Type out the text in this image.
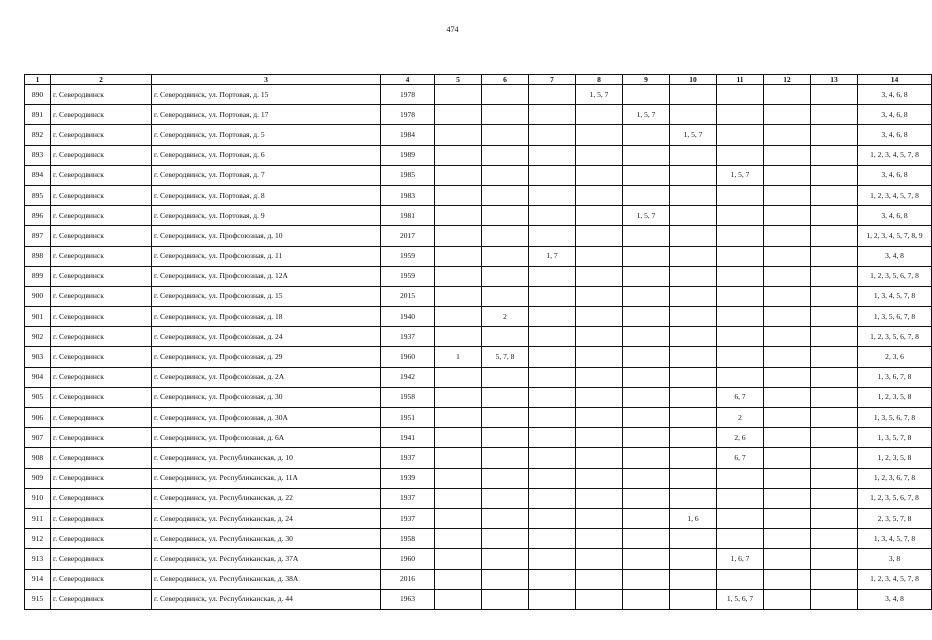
474
1	2	3	4	5	6	7	8	9	10	11	12	13	14
890	г. Северодвинск	г. Северодвинск, ул. Портовая, д. 15	1978				1, 5, 7						3, 4, 6, 8
891	г. Северодвинск	г. Северодвинск, ул. Портовая, д. 17	1978					1, 5, 7					3, 4, 6, 8
892	г. Северодвинск	г. Северодвинск, ул. Портовая, д. 5	1984						1, 5, 7				3, 4, 6, 8
893	г. Северодвинск	г. Северодвинск, ул. Портовая, д. 6	1989										1, 2, 3, 4, 5, 7, 8
894	г. Северодвинск	г. Северодвинск, ул. Портовая, д. 7	1985							1, 5, 7			3, 4, 6, 8
895	г. Северодвинск	г. Северодвинск, ул. Портовая, д. 8	1983										1, 2, 3, 4, 5, 7, 8
896	г. Северодвинск	г. Северодвинск, ул. Портовая, д. 9	1981					1, 5, 7					3, 4, 6, 8
897	г. Северодвинск	г. Северодвинск, ул. Профсоюзная, д. 10	2017										1, 2, 3, 4, 5, 7, 8, 9
898	г. Северодвинск	г. Северодвинск, ул. Профсоюзная, д. 11	1959			1, 7							3, 4, 8
899	г. Северодвинск	г. Северодвинск, ул. Профсоюзная, д. 12А	1959										1, 2, 3, 5, 6, 7, 8
900	г. Северодвинск	г. Северодвинск, ул. Профсоюзная, д. 15	2015										1, 3, 4, 5, 7, 8
901	г. Северодвинск	г. Северодвинск, ул. Профсоюзная, д. 18	1940		2								1, 3, 5, 6, 7, 8
902	г. Северодвинск	г. Северодвинск, ул. Профсоюзная, д. 24	1937										1, 2, 3, 5, 6, 7, 8
903	г. Северодвинск	г. Северодвинск, ул. Профсоюзная, д. 29	1960	1	5, 7, 8								2, 3, 6
904	г. Северодвинск	г. Северодвинск, ул. Профсоюзная, д. 2А	1942										1, 3, 6, 7, 8
905	г. Северодвинск	г. Северодвинск, ул. Профсоюзная, д. 30	1958							6, 7			1, 2, 3, 5, 8
906	г. Северодвинск	г. Северодвинск, ул. Профсоюзная, д. 30А	1951							2			1, 3, 5, 6, 7, 8
907	г. Северодвинск	г. Северодвинск, ул. Профсоюзная, д. 6А	1941							2, 6			1, 3, 5, 7, 8
908	г. Северодвинск	г. Северодвинск, ул. Республиканская, д. 10	1937							6, 7			1, 2, 3, 5, 8
909	г. Северодвинск	г. Северодвинск, ул. Республиканская, д. 11А	1939										1, 2, 3, 6, 7, 8
910	г. Северодвинск	г. Северодвинск, ул. Республиканская, д. 22	1937										1, 2, 3, 5, 6, 7, 8
911	г. Северодвинск	г. Северодвинск, ул. Республиканская, д. 24	1937						1, 6				2, 3, 5, 7, 8
912	г. Северодвинск	г. Северодвинск, ул. Республиканская, д. 30	1958										1, 3, 4, 5, 7, 8
913	г. Северодвинск	г. Северодвинск, ул. Республиканская, д. 37А	1960							1, 6, 7			3, 8
914	г. Северодвинск	г. Северодвинск, ул. Республиканская, д. 38А	2016										1, 2, 3, 4, 5, 7, 8
915	г. Северодвинск	г. Северодвинск, ул. Республиканская, д. 44	1963							1, 5, 6, 7			3, 4, 8
